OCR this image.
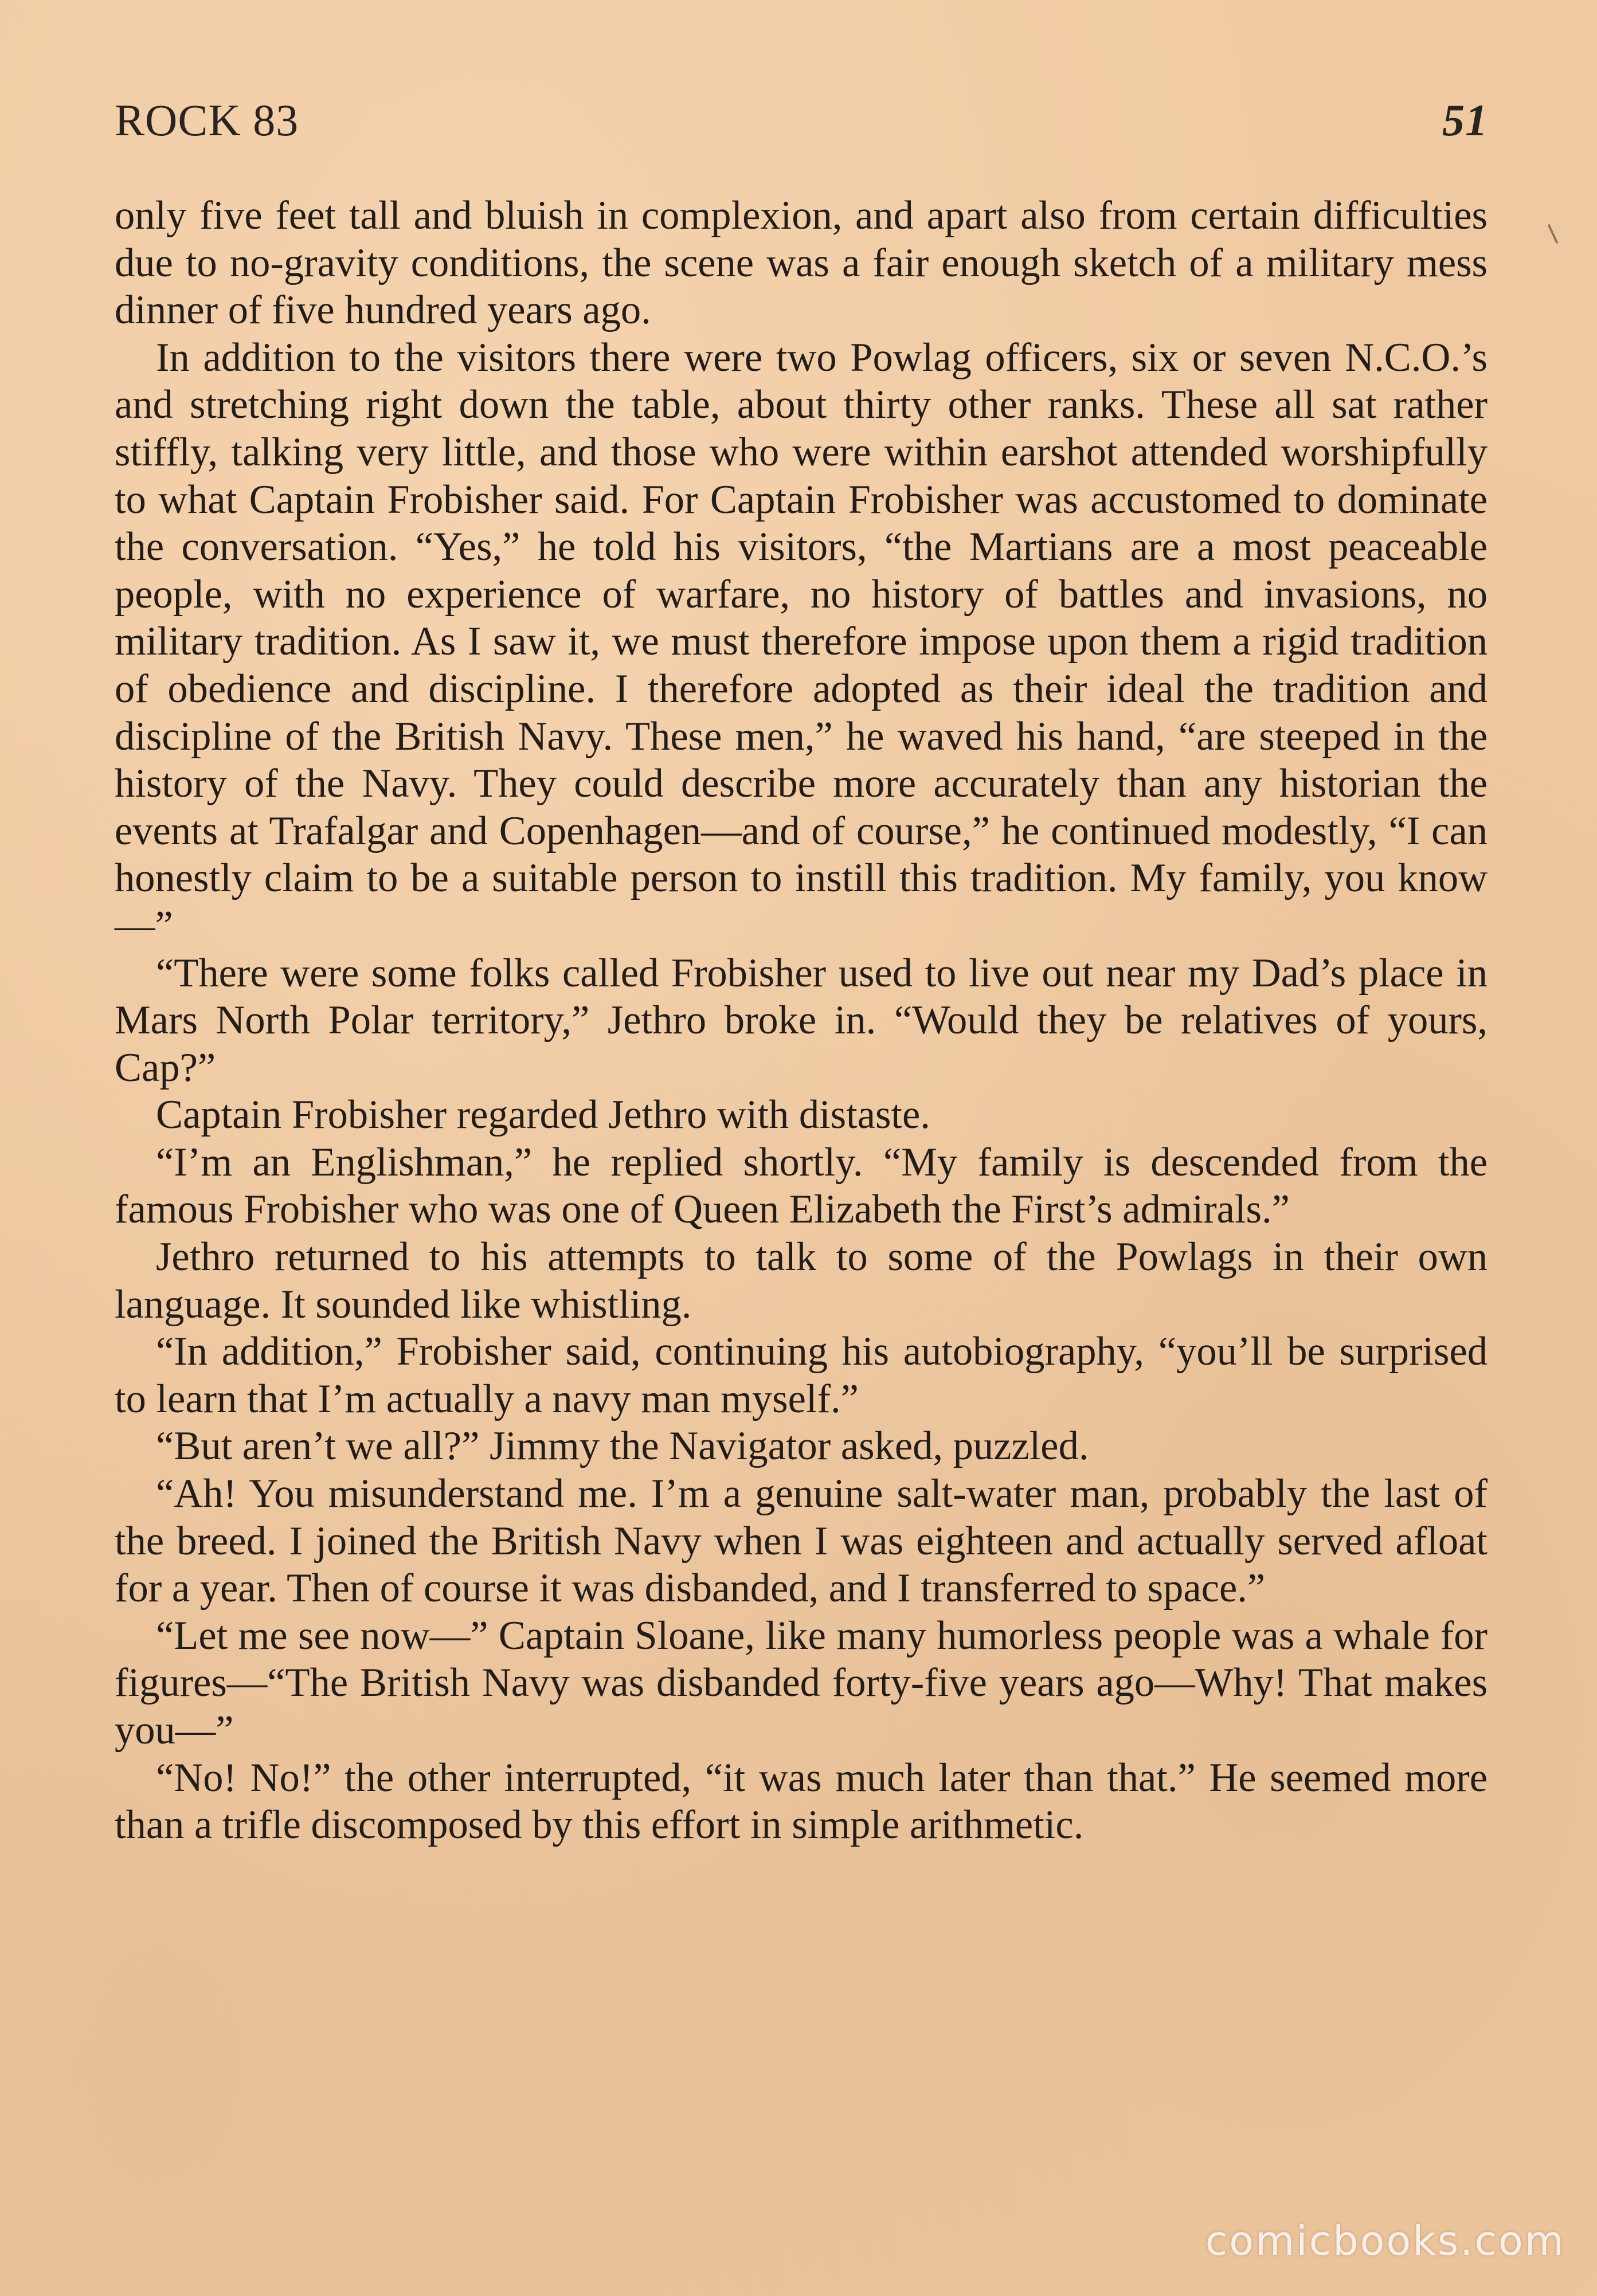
ROCK 83	51

only five feet tall and bluish in complexion, and apart also from certain difficulties due to no-gravity conditions, the scene was a fair enough sketch of a military mess dinner of five hundred years ago.

In addition to the visitors there were two Powlag officers, six or seven N.C.O.’s and stretching right down the table, about thirty other ranks. These all sat rather stiffly, talking very little, and those who were within earshot attended worshipfully to what Captain Frobisher said. For Captain Frobisher was accustomed to dominate the conversation. “Yes,” he told his visitors, “the Martians are a most peaceable people, with no experience of warfare, no history of battles and invasions, no military tradition. As I saw it, we must therefore impose upon them a rigid tradition of obedience and discipline. I therefore adopted as their ideal the tradition and discipline of the British Navy. These men,” he waved his hand, “are steeped in the history of the Navy. They could describe more accurately than any historian the events at Trafalgar and Copenhagen—and of course,” he continued modestly, “I can honestly claim to be a suitable person to instill this tradition. My family, you know—”

“There were some folks called Frobisher used to live out near my Dad’s place in Mars North Polar territory,” Jethro broke in. “Would they be relatives of yours, Cap?”

Captain Frobisher regarded Jethro with distaste.

“I’m an Englishman,” he replied shortly. “My family is descended from the famous Frobisher who was one of Queen Elizabeth the First’s admirals.”

Jethro returned to his attempts to talk to some of the Powlags in their own language. It sounded like whistling.

“In addition,” Frobisher said, continuing his autobiography, “you’ll be surprised to learn that I’m actually a navy man myself.”

“But aren’t we all?” Jimmy the Navigator asked, puzzled.

“Ah! You misunderstand me. I’m a genuine salt-water man, probably the last of the breed. I joined the British Navy when I was eighteen and actually served afloat for a year. Then of course it was disbanded, and I transferred to space.”

“Let me see now—” Captain Sloane, like many humorless people was a whale for figures—“The British Navy was disbanded forty-five years ago—Why! That makes you—”

“No! No!” the other interrupted, “it was much later than that.” He seemed more than a trifle discomposed by this effort in simple arithmetic.

comicbooks.com
